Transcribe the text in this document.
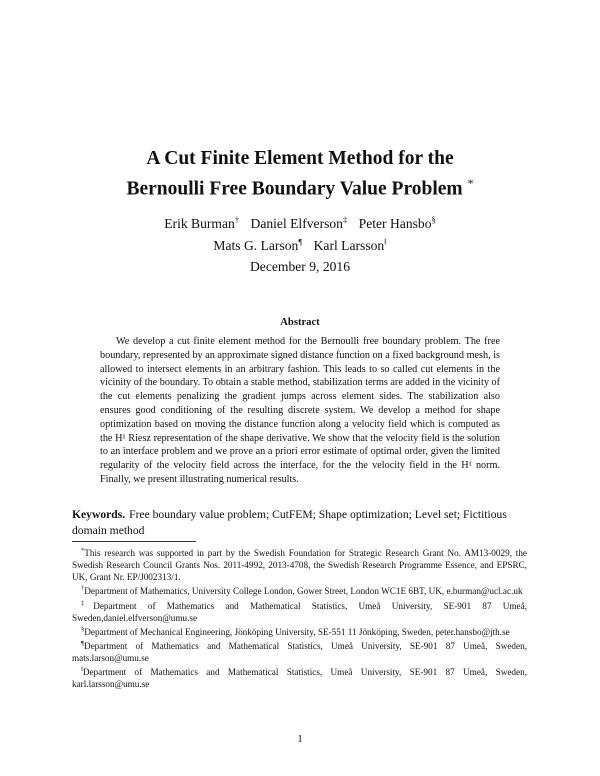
A Cut Finite Element Method for the
Bernoulli Free Boundary Value Problem *
Erik Burman† Daniel Elfverson‡ Peter Hansbo§
Mats G. Larson¶ Karl Larsson‖
December 9, 2016
Abstract

We develop a cut finite element method for the Bernoulli free boundary problem. The free boundary, represented by an approximate signed distance function on a fixed background mesh, is allowed to intersect elements in an arbitrary fashion. This leads to so called cut elements in the vicinity of the boundary. To obtain a stable method, stabilization terms are added in the vicinity of the cut elements penalizing the gradient jumps across element sides. The stabilization also ensures good conditioning of the resulting discrete system. We develop a method for shape optimization based on moving the distance function along a velocity field which is computed as the H¹ Riesz representation of the shape derivative. We show that the velocity field is the solution to an interface problem and we prove an a priori error estimate of optimal order, given the limited regularity of the velocity field across the interface, for the the velocity field in the H¹ norm. Finally, we present illustrating numerical results.

Keywords. Free boundary value problem; CutFEM; Shape optimization; Level set; Fictitious domain method

*This research was supported in part by the Swedish Foundation for Strategic Research Grant No. AM13-0029, the Swedish Research Council Grants Nos. 2011-4992, 2013-4708, the Swedish Research Programme Essence, and EPSRC, UK, Grant Nr. EP/J002313/1.

†Department of Mathematics, University College London, Gower Street, London WC1E 6BT, UK, e.burman@ucl.ac.uk

‡Department of Mathematics and Mathematical Statistics, Umeå University, SE-901 87 Umeå, Sweden,daniel.elfverson@umu.se

§Department of Mechanical Engineering, Jönköping University, SE-551 11 Jönköping, Sweden, peter.hansbo@jth.se

¶Department of Mathematics and Mathematical Statistics, Umeå University, SE-901 87 Umeå, Sweden, mats.larson@umu.se

‖Department of Mathematics and Mathematical Statistics, Umeå University, SE-901 87 Umeå, Sweden, karl.larsson@umu.se

1
